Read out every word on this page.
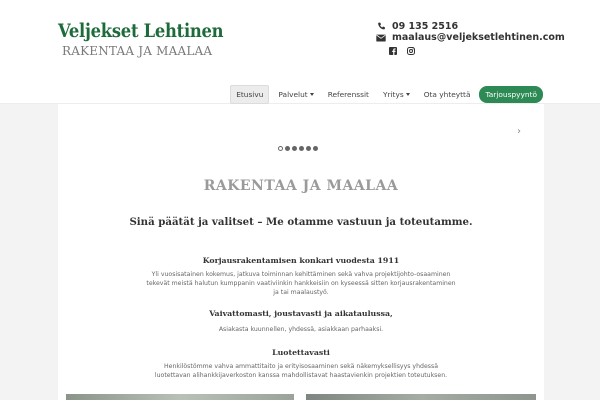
Veljekset Lehtinen
RAKENTAA JA MAALAA
09 135 2516
maalaus@veljeksetlehtinen.com
Etusivu Palvelut	Referenssit Yritys	Ota yhteyttä	Tarjouspyyntö
›
RAKENTAA JA MAALAA
Sinä päätät ja valitset – Me otamme vastuun ja toteutamme.
Korjausrakentamisen konkari vuodesta 1911

Yli vuosisatainen kokemus, jatkuva toiminnan kehittäminen sekä vahva projektijohto-osaaminen tekevät meistä halutun kumppanin vaativiinkin hankkeisiin on kyseessä sitten korjausrakentaminen ja tai maalaustyö.

Vaivattomasti, joustavasti ja aikataulussa,

Asiakasta kuunnellen, yhdessä, asiakkaan parhaaksi.

Luotettavasti

Henkilöstömme vahva ammattitaito ja erityisosaaminen sekä näkemyksellisyys yhdessä luotettavan alihankkijaverkoston kanssa mahdollistavat haastavienkin projektien toteutuksen.
